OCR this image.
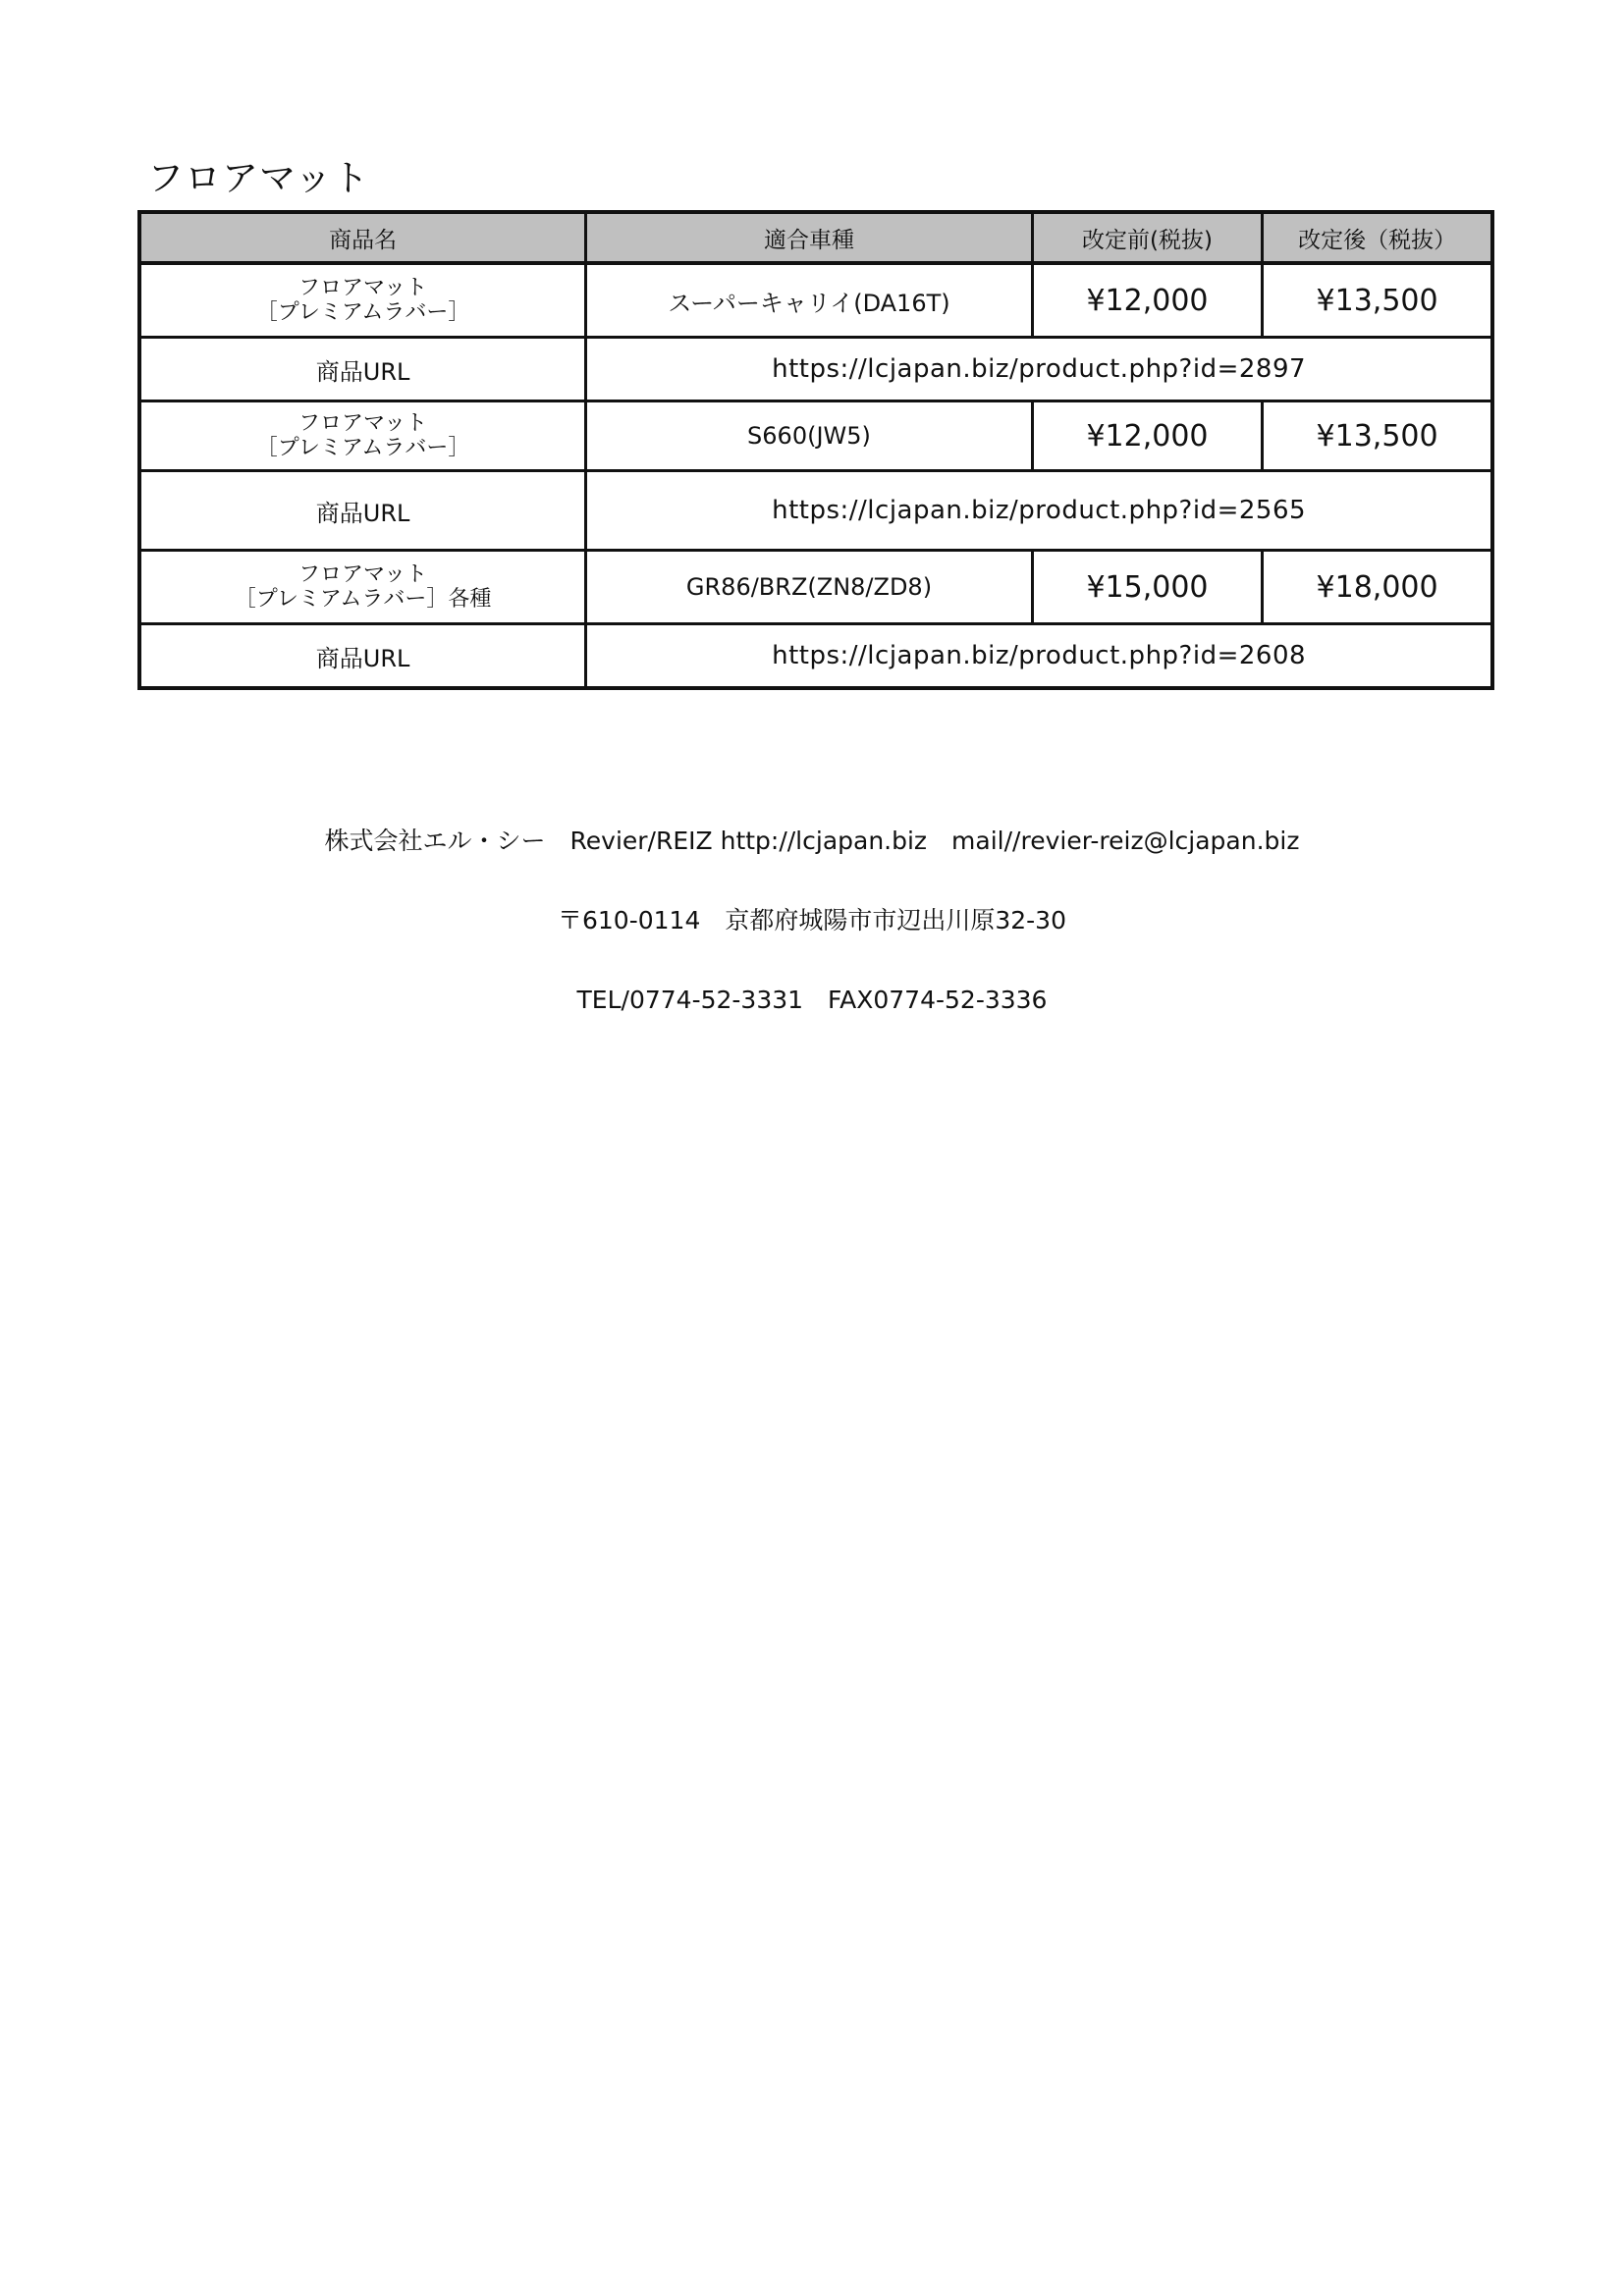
フロアマット
商品名	適合車種	改定前(税抜)	改定後（税抜）

フロアマット
［プレミアムラバー］	スーパーキャリイ(DA16T)	¥12,000	¥13,500
商品URL	https://lcjapan.biz/product.php?id=2897		

フロアマット
［プレミアムラバー］	S660(JW5)	¥12,000	¥13,500
商品URL	https://lcjapan.biz/product.php?id=2565		

フロアマット
［プレミアムラバー］各種	GR86/BRZ(ZN8/ZD8)	¥15,000	¥18,000
商品URL	https://lcjapan.biz/product.php?id=2608		

株式会社エル・シー　Revier/REIZ http://lcjapan.biz　mail//revier-reiz@lcjapan.biz

〒610-0114　京都府城陽市市辺出川原32-30

TEL/0774-52-3331　FAX0774-52-3336
